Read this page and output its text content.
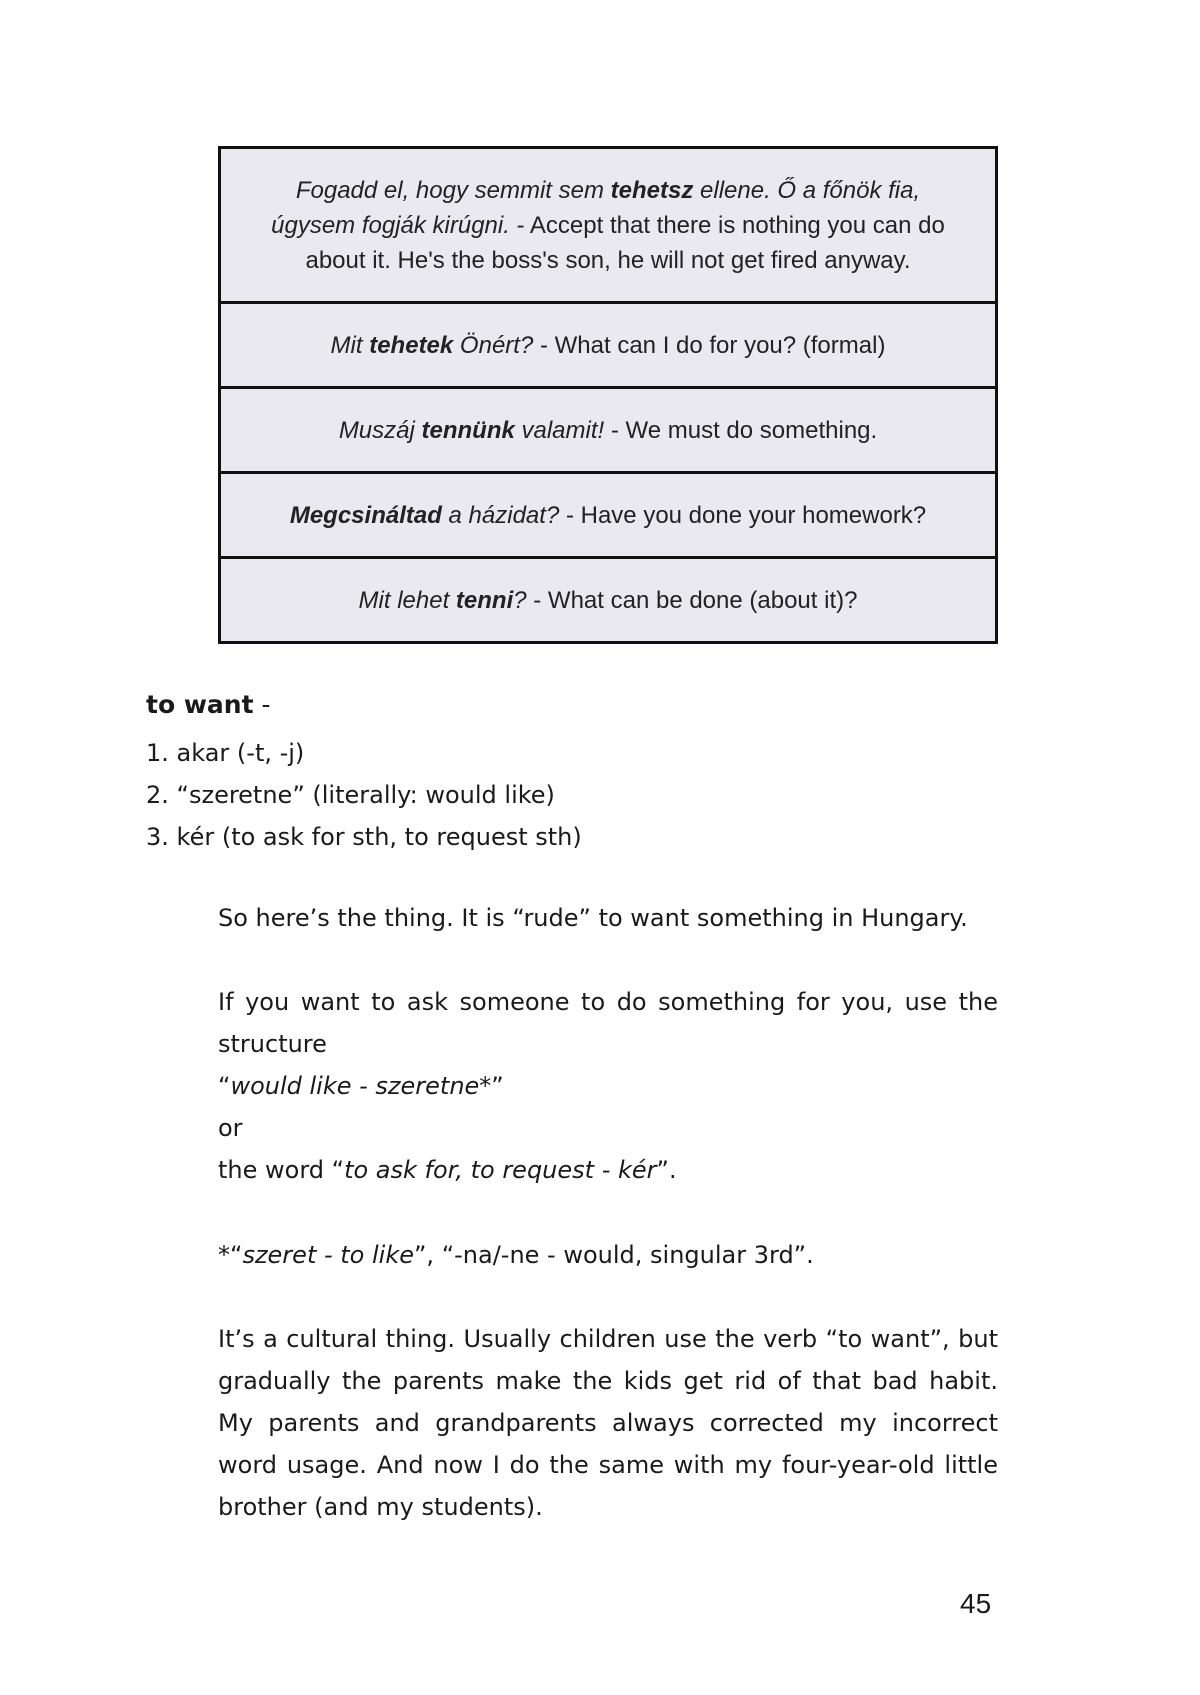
Fogadd el, hogy semmit sem tehetsz ellene. Ő a főnök fia, úgysem fogják kirúgni. - Accept that there is nothing you can do about it. He's the boss's son, he will not get fired anyway.
Mit tehetek Önért? - What can I do for you? (formal)
Muszáj tennünk valamit! - We must do something.
Megcsináltad a házidat? - Have you done your homework?
Mit lehet tenni? - What can be done (about it)?
to want -
1. akar (-t, -j)
2. “szeretne” (literally: would like)
3. kér (to ask for sth, to request sth)

So here’s the thing. It is “rude” to want something in Hungary.

If you want to ask someone to do something for you, use the
structure
“would like - szeretne*”
or
the word “to ask for, to request - kér”.

*“szeret - to like”, “-na/-ne - would, singular 3rd”.

It’s a cultural thing. Usually children use the verb “to want”, but gradually the parents make the kids get rid of that bad habit. My parents and grandparents always corrected my incorrect word usage. And now I do the same with my four-year-old little brother (and my students).

45
